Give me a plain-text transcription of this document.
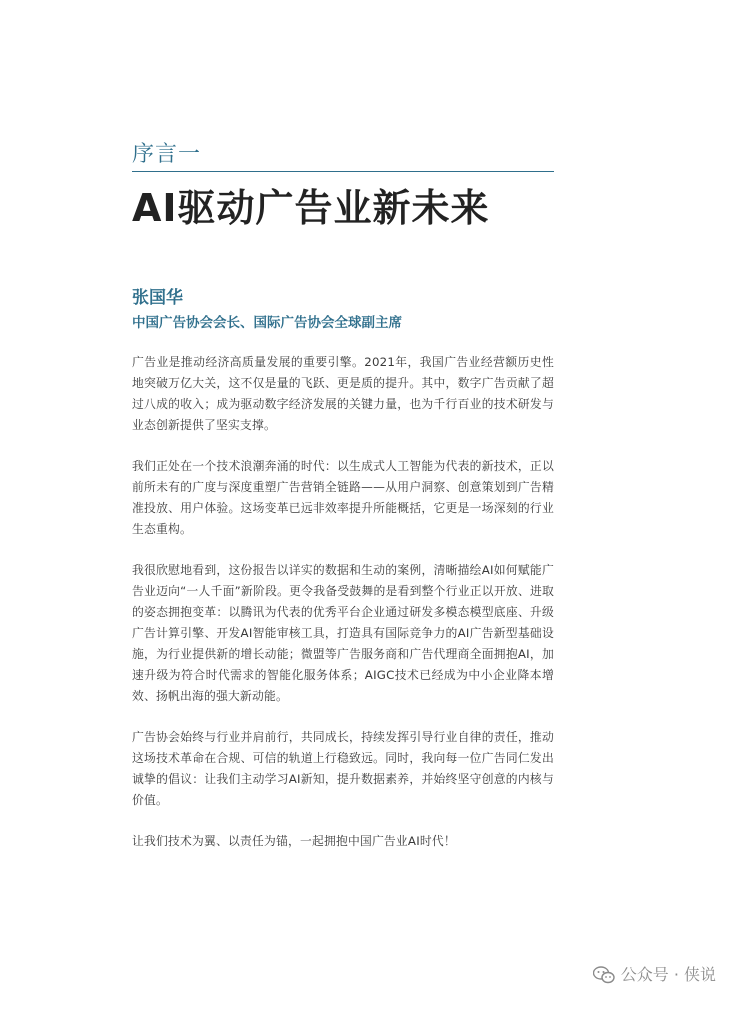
序言一
AI驱动广告业新未来
张国华
中国广告协会会长、国际广告协会全球副主席

广告业是推动经济高质量发展的重要引擎。2021年，我国广告业经营额历史性地突破万亿大关，这不仅是量的飞跃、更是质的提升。其中，数字广告贡献了超过八成的收入；成为驱动数字经济发展的关键力量，也为千行百业的技术研发与业态创新提供了坚实支撑。

我们正处在一个技术浪潮奔涌的时代：以生成式人工智能为代表的新技术，正以前所未有的广度与深度重塑广告营销全链路——从用户洞察、创意策划到广告精准投放、用户体验。这场变革已远非效率提升所能概括，它更是一场深刻的行业生态重构。

我很欣慰地看到，这份报告以详实的数据和生动的案例，清晰描绘AI如何赋能广告业迈向“一人千面”新阶段。更令我备受鼓舞的是看到整个行业正以开放、进取的姿态拥抱变革：以腾讯为代表的优秀平台企业通过研发多模态模型底座、升级广告计算引擎、开发AI智能审核工具，打造具有国际竞争力的AI广告新型基础设施，为行业提供新的增长动能；微盟等广告服务商和广告代理商全面拥抱AI，加速升级为符合时代需求的智能化服务体系；AIGC技术已经成为中小企业降本增效、扬帆出海的强大新动能。

广告协会始终与行业并肩前行，共同成长，持续发挥引导行业自律的责任，推动这场技术革命在合规、可信的轨道上行稳致远。同时，我向每一位广告同仁发出诚挚的倡议：让我们主动学习AI新知，提升数据素养，并始终坚守创意的内核与价值。

让我们技术为翼、以责任为锚，一起拥抱中国广告业AI时代！

公众号 · 侠说
